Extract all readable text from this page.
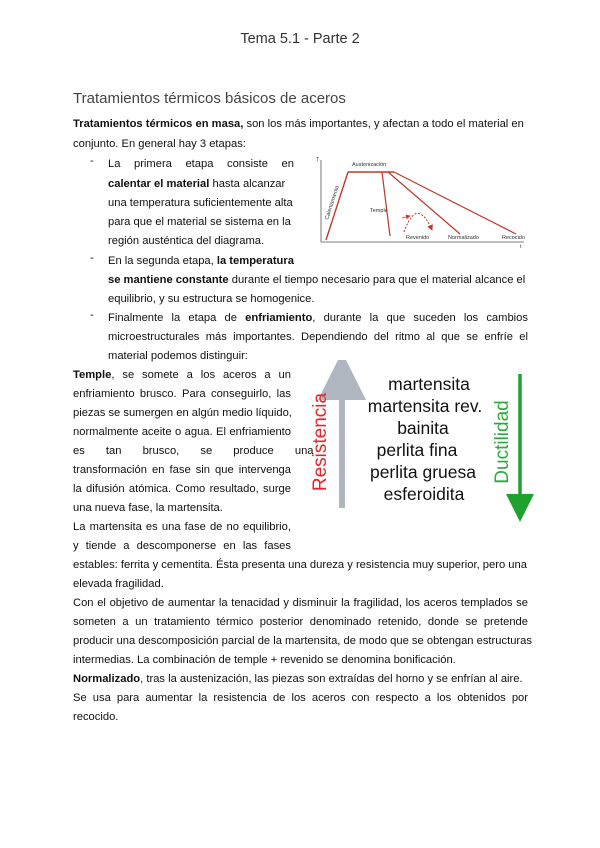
Tema 5.1 - Parte 2
Tratamientos térmicos básicos de aceros
Tratamientos térmicos en masa, son los más importantes, y afectan a todo el material en
conjunto. En general hay 3 etapas:
- La primera etapa consiste en
calentar el material hasta alcanzar
una temperatura suficientemente alta
para que el material se sistema en la
región austéntica del diagrama.
T
t
Austenización
Calentamiento	Temple
Revenido	Normalizado	Recocido
- En la segunda etapa, la temperatura
se mantiene constante durante el tiempo necesario para que el material alcance el
equilibrio, y su estructura se homogenice.
- Finalmente la etapa de enfriamiento, durante la que suceden los cambios
microestructurales más importantes. Dependiendo del ritmo al que se enfríe el
material podemos distinguir:
Temple, se somete a los aceros a un
enfriamiento brusco. Para conseguirlo, las
piezas se sumergen en algún medio líquido,
normalmente aceite o agua. El enfriamiento
es tan brusco, se produce una
transformación en fase sin que intervenga
la difusión atómica. Como resultado, surge
una nueva fase, la martensita.
La martensita es una fase de no equilibrio,
y tiende a descomponerse en las fases
Resistencia	Ductilidad
martensita
martensita rev.
bainita
perlita fina
perlita gruesa
esferoidita
estables: ferrita y cementita. Ésta presenta una dureza y resistencia muy superior, pero una
elevada fragilidad.
Con el objetivo de aumentar la tenacidad y disminuir la fragilidad, los aceros templados se
someten a un tratamiento térmico posterior denominado retenido, donde se pretende
producir una descomposición parcial de la martensita, de modo que se obtengan estructuras
intermedias. La combinación de temple + revenido se denomina bonificación.
Normalizado, tras la austenización, las piezas son extraídas del horno y se enfrían al aire.
Se usa para aumentar la resistencia de los aceros con respecto a los obtenidos por
recocido.
